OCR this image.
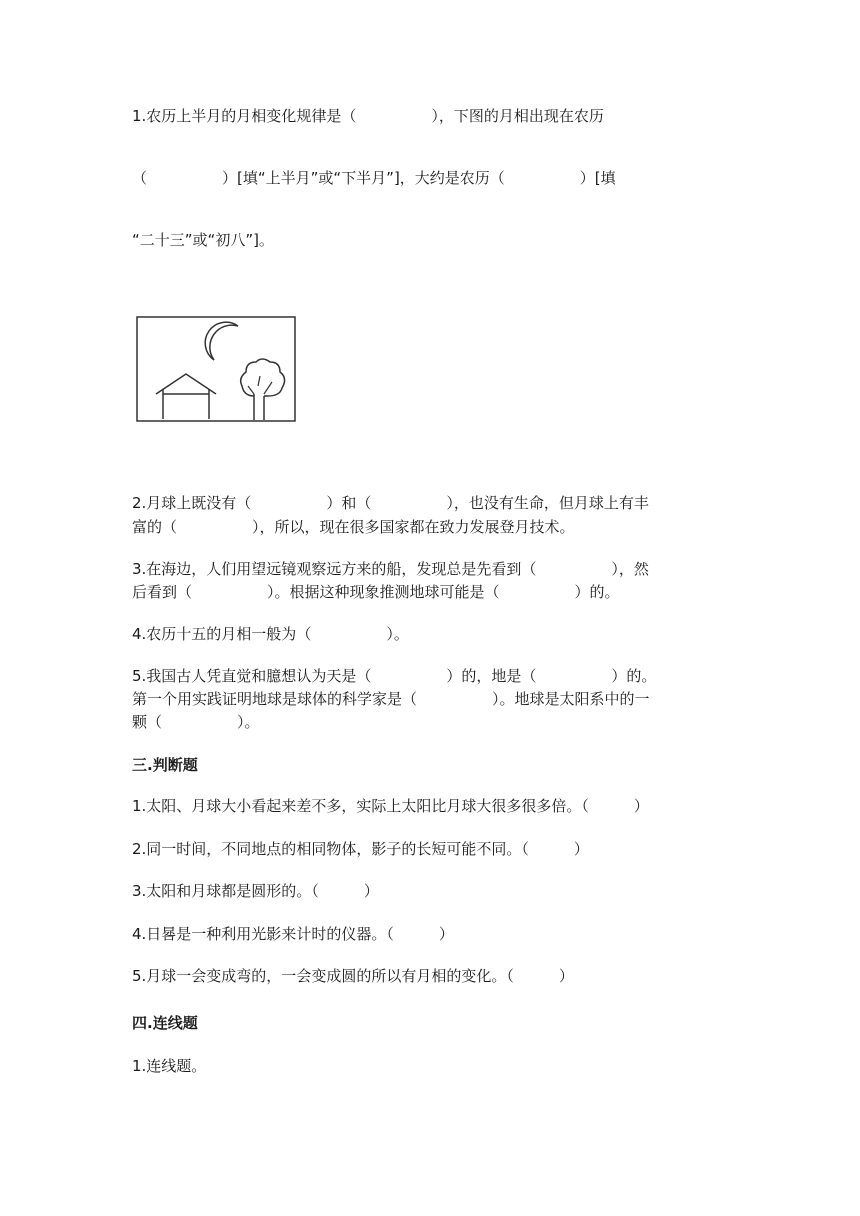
1.农历上半月的月相变化规律是（　　　　　），下图的月相出现在农历
（　　　　　）[填“上半月”或“下半月”]，大约是农历（　　　　　）[填
“二十三”或“初八”]。
2.月球上既没有（　　　　　）和（　　　　　），也没有生命，但月球上有丰
富的（　　　　　），所以，现在很多国家都在致力发展登月技术。
3.在海边，人们用望远镜观察远方来的船，发现总是先看到（　　　　　），然
后看到（　　　　　）。根据这种现象推测地球可能是（　　　　　）的。
4.农历十五的月相一般为（　　　　　）。
5.我国古人凭直觉和臆想认为天是（　　　　　）的，地是（　　　　　）的。
第一个用实践证明地球是球体的科学家是（　　　　　）。地球是太阳系中的一
颗（　　　　　）。
三.判断题
1.太阳、月球大小看起来差不多，实际上太阳比月球大很多很多倍。（　　　）
2.同一时间，不同地点的相同物体，影子的长短可能不同。（　　　）
3.太阳和月球都是圆形的。（　　　）
4.日晷是一种利用光影来计时的仪器。（　　　）
5.月球一会变成弯的，一会变成圆的所以有月相的变化。（　　　）
四.连线题
1.连线题。
